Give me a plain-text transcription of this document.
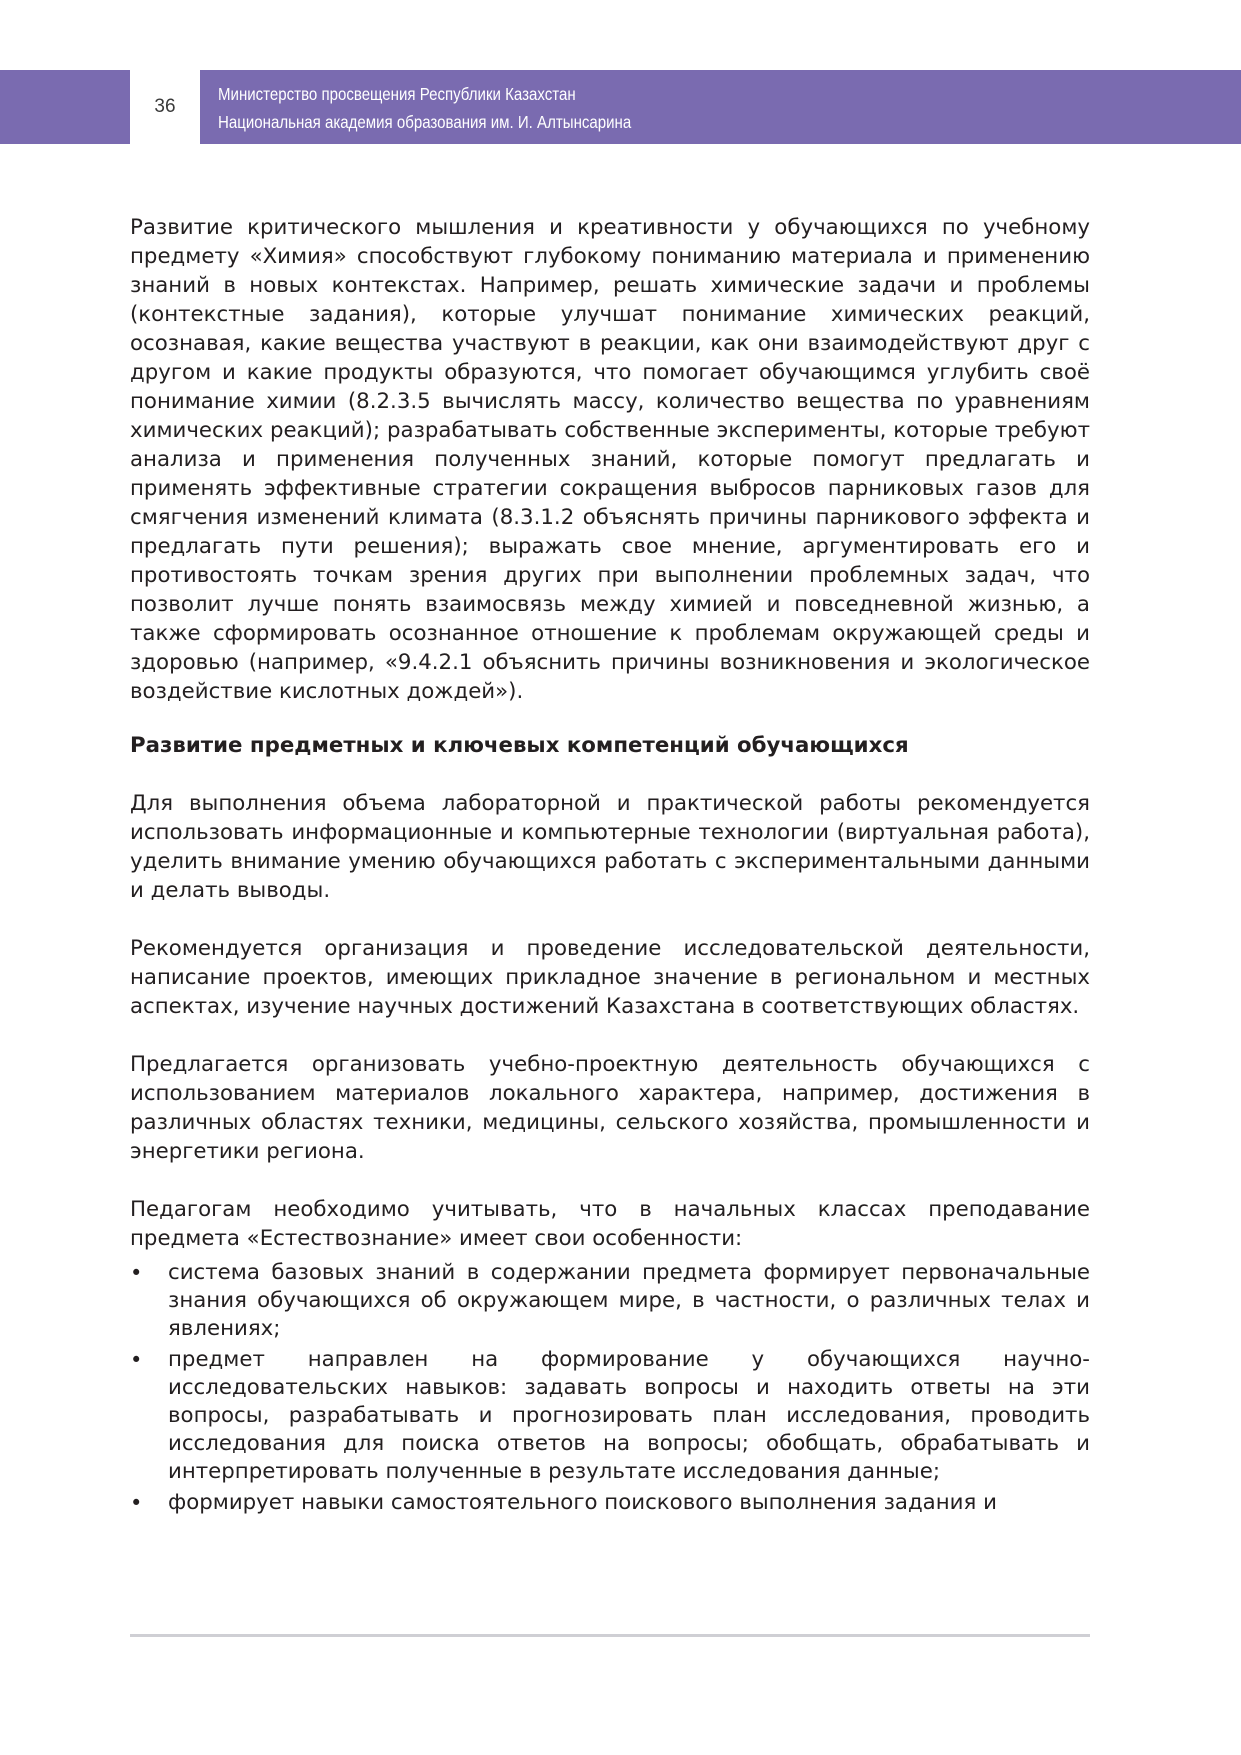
36
Министерство просвещения Республики Казахстан
Национальная академия образования им. И. Алтынсарина

Развитие критического мышления и креативности у обучающихся по учебному предмету «Химия» способствуют глубокому пониманию материала и применению знаний в новых контекстах. Например, решать химические задачи и проблемы (контекстные задания), которые улучшат понимание химических реакций, осознавая, какие вещества участвуют в реакции, как они взаимодействуют друг с другом и какие продукты образуются, что помогает обучающимся углубить своё понимание химии (8.2.3.5 вычислять массу, количество вещества по уравнениям химических реакций); разрабатывать собственные эксперименты, которые требуют анализа и применения полученных знаний, которые помогут предлагать и применять эффективные стратегии сокращения выбросов парниковых газов для смягчения изменений климата (8.3.1.2 объяснять причины парникового эффекта и предлагать пути решения); выражать свое мнение, аргументировать его и противостоять точкам зрения других при выполнении проблемных задач, что позволит лучше понять взаимосвязь между химией и повседневной жизнью, а также сформировать осознанное отношение к проблемам окружающей среды и здоровью (например, «9.4.2.1 объяснить причины возникновения и экологическое воздействие кислотных дождей»).

Развитие предметных и ключевых компетенций обучающихся

Для выполнения объема лабораторной и практической работы рекомендуется использовать информационные и компьютерные технологии (виртуальная работа), уделить внимание умению обучающихся работать с экспериментальными данными и делать выводы.

Рекомендуется организация и проведение исследовательской деятельности, написание проектов, имеющих прикладное значение в региональном и местных аспектах, изучение научных достижений Казахстана в соответствующих областях.

Предлагается организовать учебно-проектную деятельность обучающихся с использованием материалов локального характера, например, достижения в различных областях техники, медицины, сельского хозяйства, промышленности и энергетики региона.

Педагогам необходимо учитывать, что в начальных классах преподавание предмета «Естествознание» имеет свои особенности:

•	система базовых знаний в содержании предмета формирует первоначальные знания обучающихся об окружающем мире, в частности, о различных телах и явлениях;
•	предмет направлен на формирование у обучающихся научно-исследовательских навыков: задавать вопросы и находить ответы на эти вопросы, разрабатывать и прогнозировать план исследования, проводить исследования для поиска ответов на вопросы; обобщать, обрабатывать и интерпретировать полученные в результате исследования данные;
•	формирует навыки самостоятельного поискового выполнения задания и
